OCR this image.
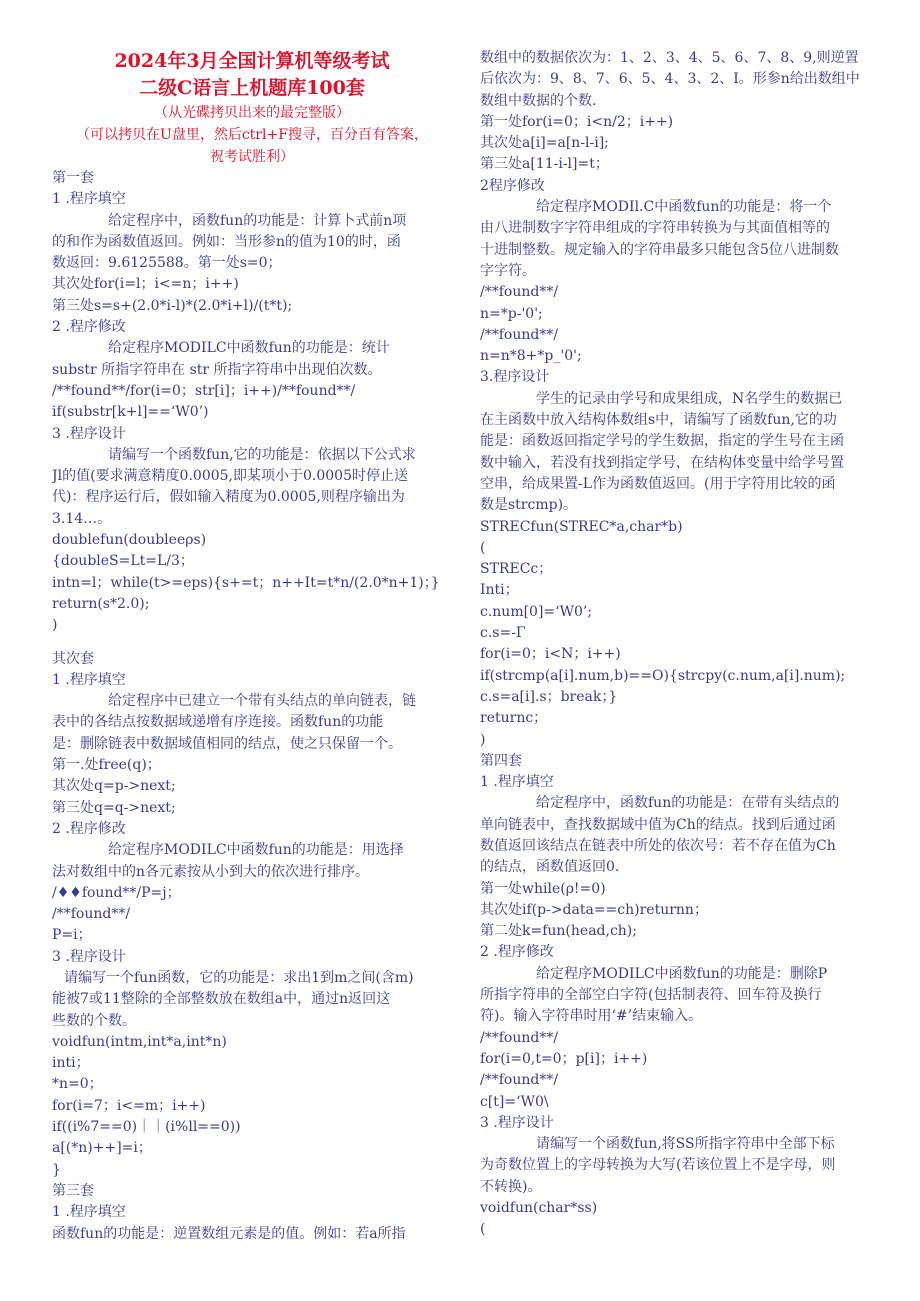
2024年3月全国计算机等级考试
二级C语言上机题库100套
（从光碟拷贝出来的最完整版）
（可以拷贝在U盘里，然后ctrl+F搜寻，百分百有答案，
祝考试胜利）
第一套
1 .程序填空
给定程序中，函数fun的功能是：计算卜式前n项
的和作为函数值返回。例如：当形参n的值为10的时，函
数返回：9.6125588。第一处s=0；
其次处for(i=l；i<=n；i++)
第三处s=s+(2.0*i-l)*(2.0*i+l)/(t*t);
2 .程序修改
给定程序MODILC中函数fun的功能是：统计
substr 所指字符串在 str 所指字符串中出现伯次数。
/**found**/for(i=0；str[i]；i++)/**found**/
if(substr[k+l]==‘W0’)
3 .程序设计
请编写一个函数fun,它的功能是：依据以下公式求
Jl的值(要求满意精度0.0005,即某项小于0.0005时停止送
代)：程序运行后，假如输入精度为0.0005,则程序输出为
3.14…。
doublefun(doubleeρs)
{doubleS=Lt=L/3；
intn=l；while(t>=eps){s+=t；n++It=t*n/(2.0*n+1)；}
return(s*2.0);
)
其次套
1 .程序填空
给定程序中已建立一个带有头结点的单向链表，链
表中的各结点按数据域递增有序连接。函数fun的功能
是：删除链表中数据域值相同的结点，使之只保留一个。
第一.处free(q)；
其次处q=p->next;
第三处q=q->next;
2 .程序修改
给定程序MODILC中函数fun的功能是：用选择
法对数组中的n各元素按从小到大的依次进行排序。
/♦♦found**/P=j；
/**found**/
P=i；
3 .程序设计
请编写一个fun函数，它的功能是：求出1到m之间(含m)
能被7或11整除的全部整数放在数组a中，通过n返回这
些数的个数。
voidfun(intm,int*a,int*n)
inti；
*n=0；
for(i=7；i<=m；i++)
if((i%7==0)｜｜(i%ll==0))
a[(*n)++]=i；
}
第三套
1 .程序填空
函数fun的功能是：逆置数组元素是的值。例如：若a所指
数组中的数据依次为：1、2、3、4、5、6、7、8、9,则逆置
后依次为：9、8、7、6、5、4、3、2、I。形参n给出数组中
数组中数据的个数.
第一处for(i=0；i<n/2；i++)
其次处a[i]=a[n-l-i];
第三处a[11-i-l]=t；
2程序修改
给定程序MODIl.C中函数fun的功能是：将一个
由八进制数字字符串组成的字符串转换为与其面值相等的
十进制整数。规定输入的字符串最多只能包含5位八进制数
字字符。
/**found**/
n=*p-'0';
/**found**/
n=n*8+*p_'0';
3.程序设计
学生的记录由学号和成果组成，N名学生的数据已
在主函数中放入结构体数组s中，请编写了函数fun,它的功
能是：函数返回指定学号的学生数据，指定的学生号在主函
数中输入，若没有找到指定学号，在结构体变量中给学号置
空串，给成果置-L作为函数值返回。(用于字符用比较的函
数是strcmp)。
STRECfun(STREC*a,char*b)
(
STRECc；
Inti；
c.num[0]=‘W0’;
c.s=-Γ
for(i=0；i<N；i++)
if(strcmp(a[i].num,b)==O){strcpy(c.num,a[i].num);
c.s=a[i].s；break；}
returnc；
)
第四套
1 .程序填空
给定程序中，函数fun的功能是：在带有头结点的
单向链表中，查找数据域中值为Ch的结点。找到后通过函
数值返回该结点在链表中所处的依次号：若不存在值为Ch
的结点，函数值返回0.
第一处while(ρ!=0)
其次处if(p->data==ch)returnn；
第二处k=fun(head,ch);
2 .程序修改
给定程序MODILC中函数fun的功能是：删除P
所指字符串的全部空白字符(包括制表符、回车符及换行
符)。输入字符串时用‘#’结束输入。
/**found**/
for(i=0,t=0；p[i]；i++)
/**found**/
c[t]=‘W0\
3 .程序设计
请编写一个函数fun,将SS所指字符串中全部下标
为奇数位置上的字母转换为大写(若该位置上不是字母，则
不转换)。
voidfun(char*ss)
(
